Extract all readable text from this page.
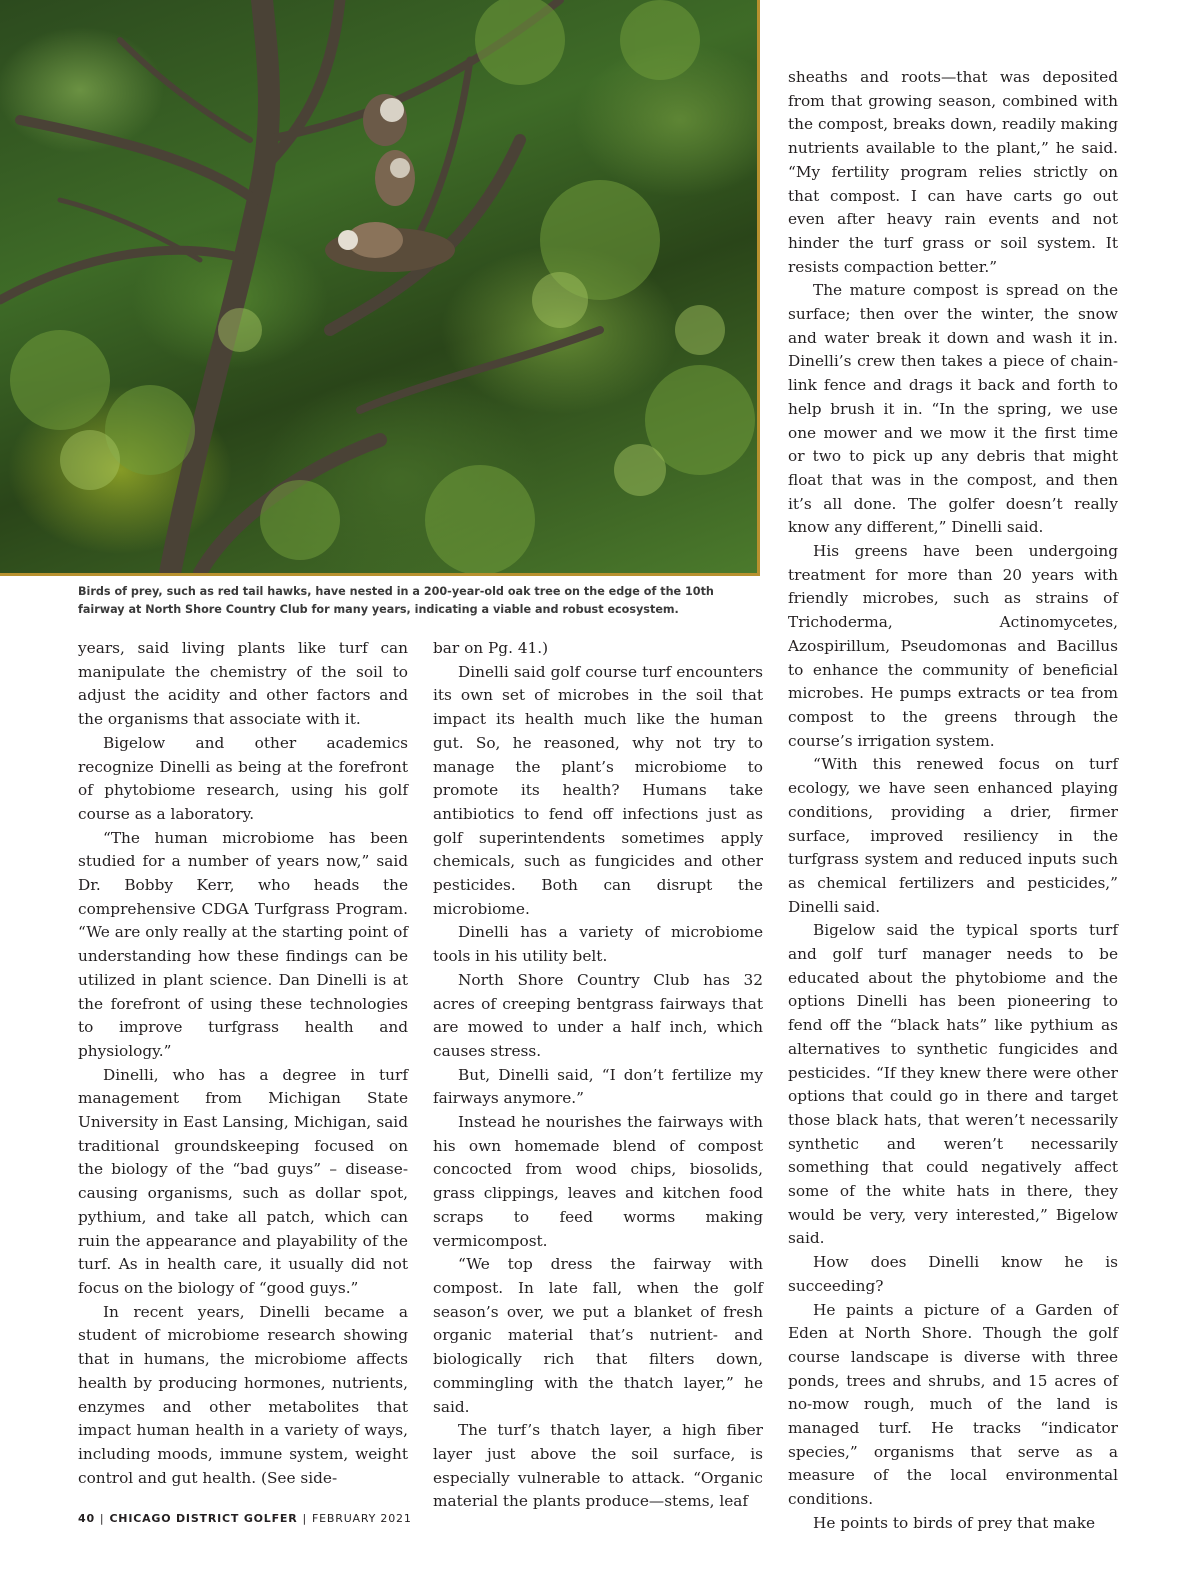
Birds of prey, such as red tail hawks, have nested in a 200-year-old oak tree on the edge of the 10th fairway at North Shore Country Club for many years, indicating a viable and robust ecosystem.

years, said living plants like turf can manipulate the chemistry of the soil to adjust the acidity and other factors and the organisms that associate with it.

Bigelow and other academics recognize Dinelli as being at the forefront of phytobiome research, using his golf course as a laboratory.

“The human microbiome has been studied for a number of years now,” said Dr. Bobby Kerr, who heads the comprehensive CDGA Turfgrass Program. “We are only really at the starting point of understanding how these findings can be utilized in plant science. Dan Dinelli is at the forefront of using these technologies to improve turfgrass health and physiology.”

Dinelli, who has a degree in turf management from Michigan State University in East Lansing, Michigan, said traditional groundskeeping focused on the biology of the “bad guys” – disease-causing organisms, such as dollar spot, pythium, and take all patch, which can ruin the appearance and playability of the turf. As in health care, it usually did not focus on the biology of “good guys.”

In recent years, Dinelli became a student of microbiome research showing that in humans, the microbiome affects health by producing hormones, nutrients, enzymes and other metabolites that impact human health in a variety of ways, including moods, immune system, weight control and gut health. (See side-

bar on Pg. 41.)

Dinelli said golf course turf encounters its own set of microbes in the soil that impact its health much like the human gut. So, he reasoned, why not try to manage the plant’s microbiome to promote its health? Humans take antibiotics to fend off infections just as golf superintendents sometimes apply chemicals, such as fungicides and other pesticides. Both can disrupt the microbiome.

Dinelli has a variety of microbiome tools in his utility belt.

North Shore Country Club has 32 acres of creeping bentgrass fairways that are mowed to under a half inch, which causes stress.

But, Dinelli said, “I don’t fertilize my fairways anymore.”

Instead he nourishes the fairways with his own homemade blend of compost concocted from wood chips, biosolids, grass clippings, leaves and kitchen food scraps to feed worms making vermicompost.

“We top dress the fairway with compost. In late fall, when the golf season’s over, we put a blanket of fresh organic material that’s nutrient- and biologically rich that filters down, commingling with the thatch layer,” he said.

The turf’s thatch layer, a high fiber layer just above the soil surface, is especially vulnerable to attack. “Organic material the plants produce—stems, leaf

sheaths and roots—that was deposited from that growing season, combined with the compost, breaks down, readily making nutrients available to the plant,” he said. “My fertility program relies strictly on that compost. I can have carts go out even after heavy rain events and not hinder the turf grass or soil system. It resists compaction better.”

The mature compost is spread on the surface; then over the winter, the snow and water break it down and wash it in. Dinelli’s crew then takes a piece of chain-link fence and drags it back and forth to help brush it in. “In the spring, we use one mower and we mow it the first time or two to pick up any debris that might float that was in the compost, and then it’s all done. The golfer doesn’t really know any different,” Dinelli said.

His greens have been undergoing treatment for more than 20 years with friendly microbes, such as strains of Trichoderma, Actinomycetes, Azospirillum, Pseudomonas and Bacillus to enhance the community of beneficial microbes. He pumps extracts or tea from compost to the greens through the course’s irrigation system.

“With this renewed focus on turf ecology, we have seen enhanced playing conditions, providing a drier, firmer surface, improved resiliency in the turfgrass system and reduced inputs such as chemical fertilizers and pesticides,” Dinelli said.

Bigelow said the typical sports turf and golf turf manager needs to be educated about the phytobiome and the options Dinelli has been pioneering to fend off the “black hats” like pythium as alternatives to synthetic fungicides and pesticides. “If they knew there were other options that could go in there and target those black hats, that weren’t necessarily synthetic and weren’t necessarily something that could negatively affect some of the white hats in there, they would be very, very interested,” Bigelow said.

How does Dinelli know he is succeeding?

He paints a picture of a Garden of Eden at North Shore. Though the golf course landscape is diverse with three ponds, trees and shrubs, and 15 acres of no-mow rough, much of the land is managed turf. He tracks “indicator species,” organisms that serve as a measure of the local environmental conditions.

He points to birds of prey that make

40 | CHICAGO DISTRICT GOLFER | FEBRUARY 2021
